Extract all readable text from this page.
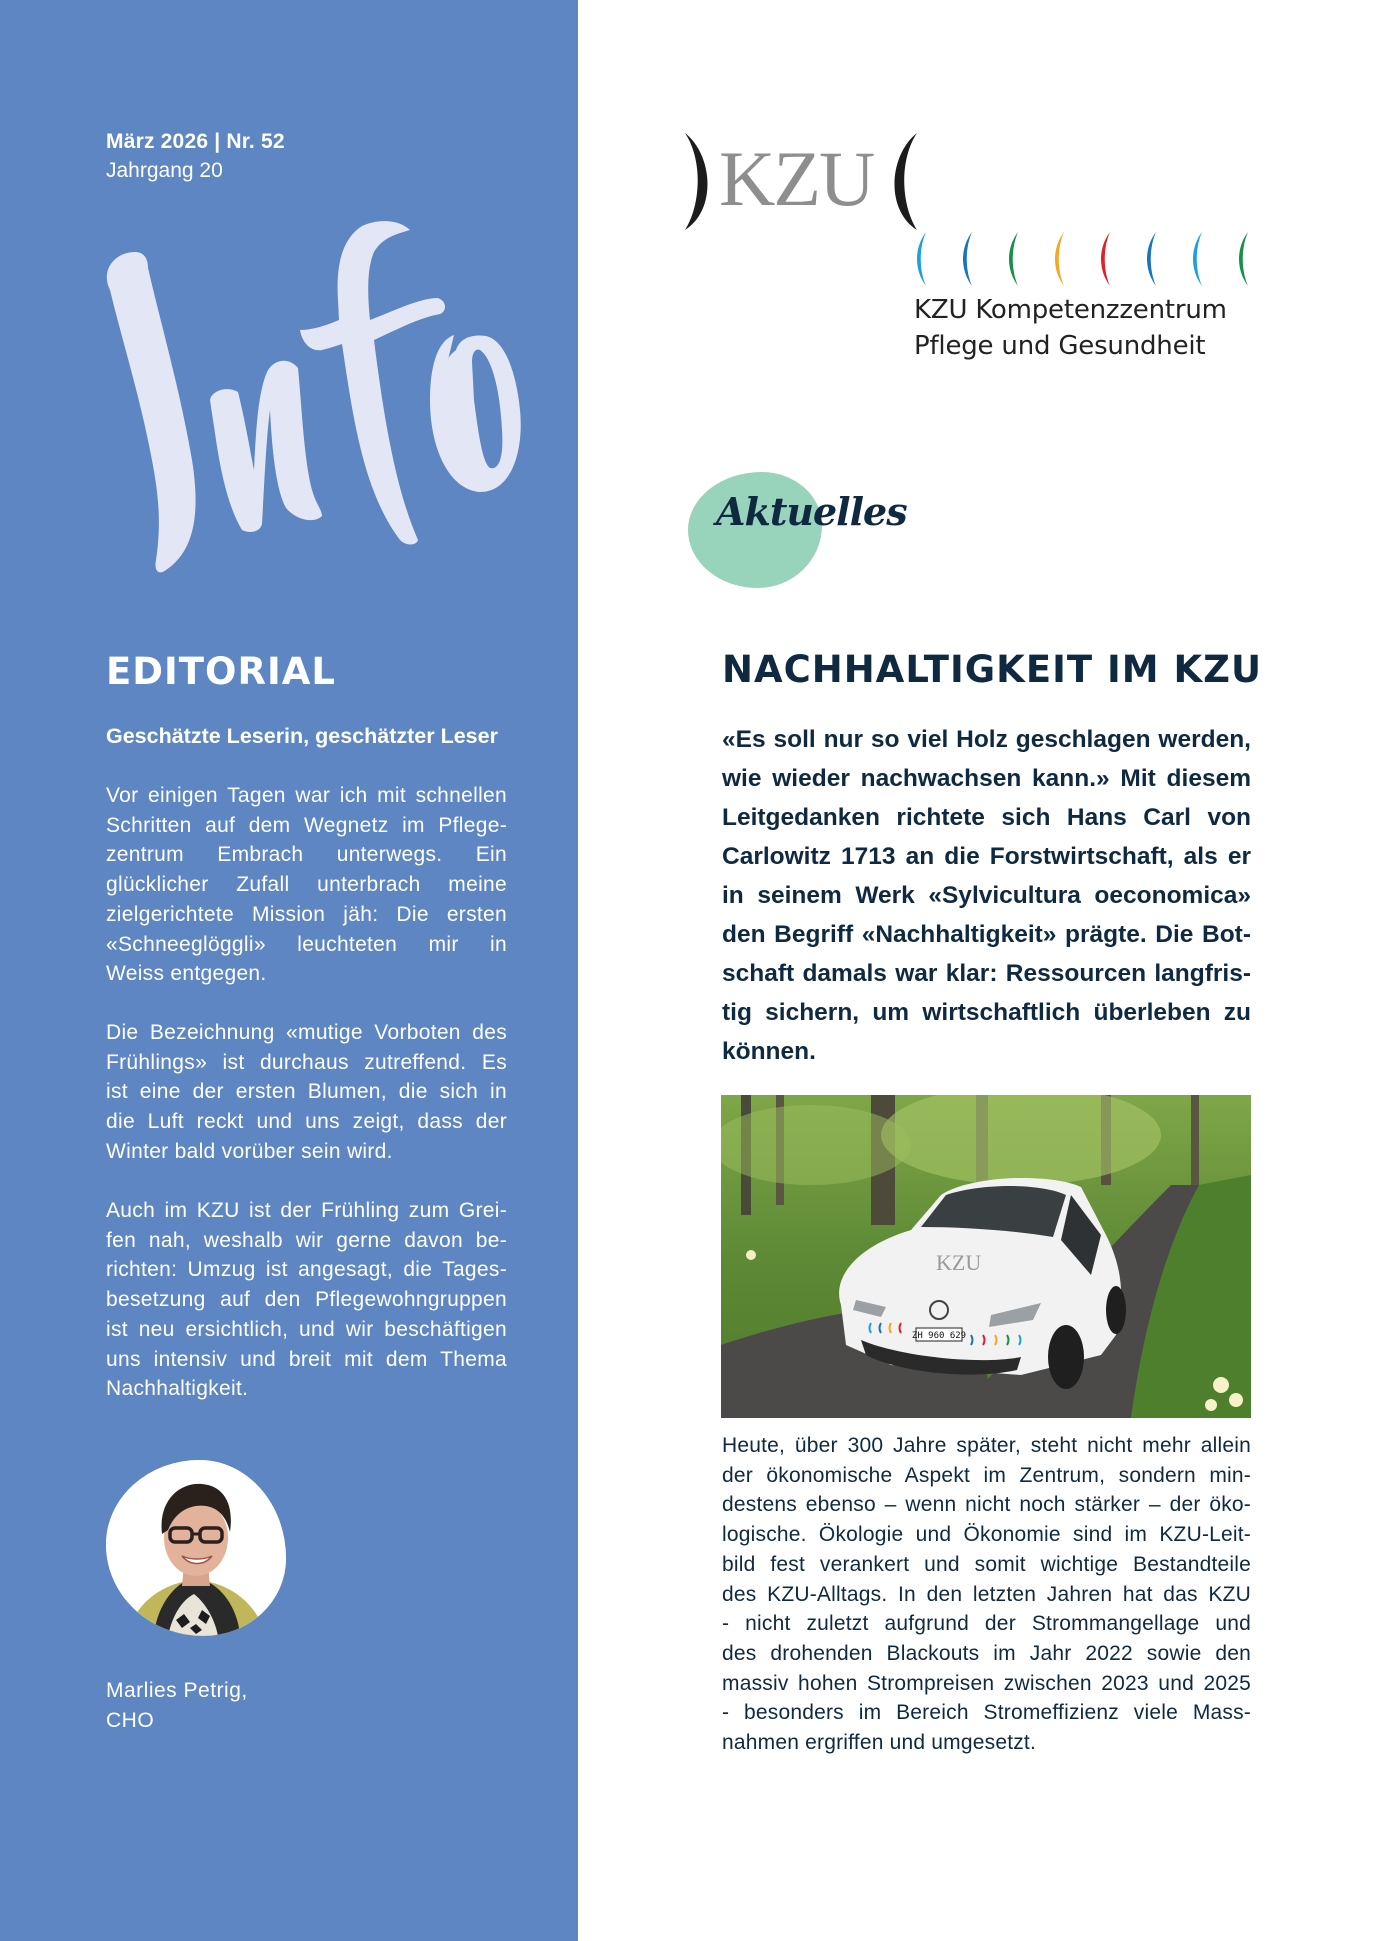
März 2026 | Nr. 52
Jahrgang 20
EDITORIAL
Geschätzte Leserin, geschätzter Leser
Vor einigen Tagen war ich mit schnellen
Schritten auf dem Wegnetz im Pflege-
zentrum Embrach unterwegs. Ein
glücklicher Zufall unterbrach meine
zielgerichtete Mission jäh: Die ersten
«Schneeglöggli» leuchteten mir in
Weiss entgegen.
Die Bezeichnung «mutige Vorboten des
Frühlings» ist durchaus zutreffend. Es
ist eine der ersten Blumen, die sich in
die Luft reckt und uns zeigt, dass der
Winter bald vorüber sein wird.
Auch im KZU ist der Frühling zum Grei-
fen nah, weshalb wir gerne davon be-
richten: Umzug ist angesagt, die Tages-
besetzung auf den Pflegewohngruppen
ist neu ersichtlich, und wir beschäftigen
uns intensiv und breit mit dem Thema
Nachhaltigkeit.
Marlies Petrig,
CHO
KZU
KZU Kompetenzzentrum
Pflege und Gesundheit
Aktuelles
NACHHALTIGKEIT IM KZU
«Es soll nur so viel Holz geschlagen werden,
wie wieder nachwachsen kann.» Mit diesem
Leitgedanken richtete sich Hans Carl von
Carlowitz 1713 an die Forstwirtschaft, als er
in seinem Werk «Sylvicultura oeconomica»
den Begriff «Nachhaltigkeit» prägte. Die Bot-
schaft damals war klar: Ressourcen langfris-
tig sichern, um wirtschaftlich überleben zu
können.
ZH 960 629
KZU
Heute, über 300 Jahre später, steht nicht mehr allein
der ökonomische Aspekt im Zentrum, sondern min-
destens ebenso – wenn nicht noch stärker – der öko-
logische. Ökologie und Ökonomie sind im KZU-Leit-
bild fest verankert und somit wichtige Bestandteile
des KZU-Alltags. In den letzten Jahren hat das KZU
- nicht zuletzt aufgrund der Strommangellage und
des drohenden Blackouts im Jahr 2022 sowie den
massiv hohen Strompreisen zwischen 2023 und 2025
- besonders im Bereich Stromeffizienz viele Mass-
nahmen ergriffen und umgesetzt.
